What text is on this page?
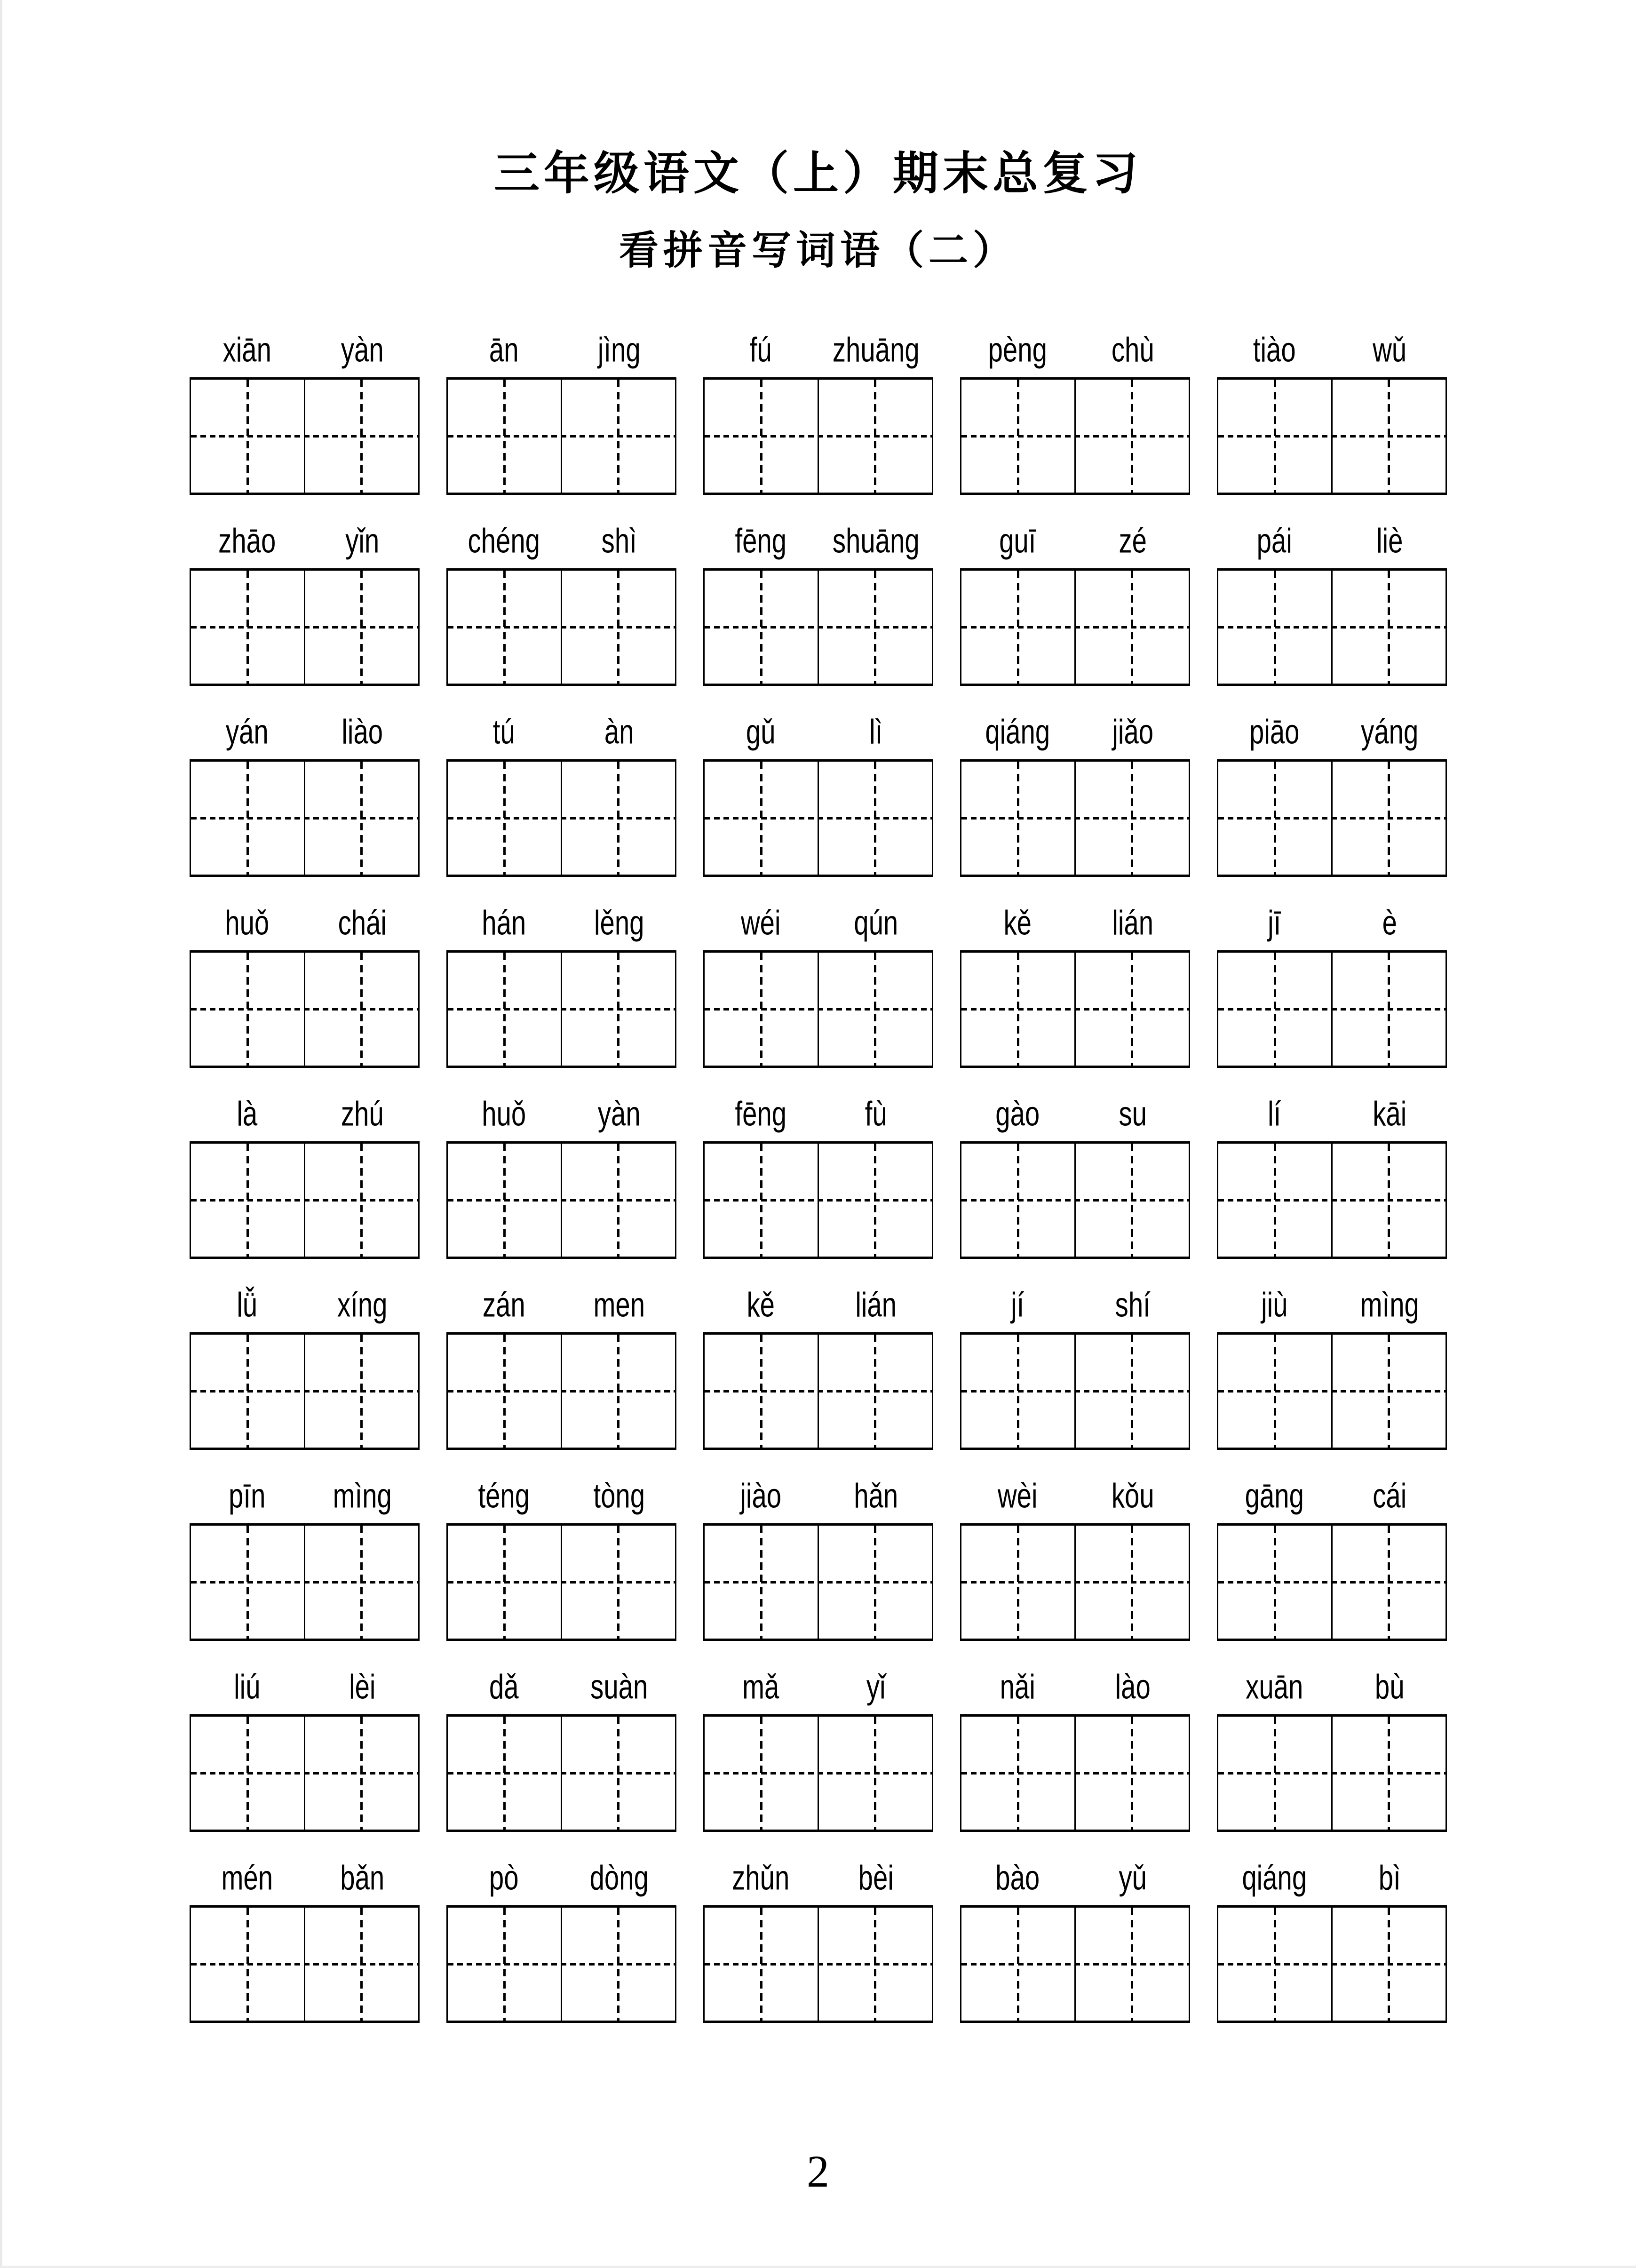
三年级语文（上）期末总复习
看拼音写词语（二）
xiān	yàn	ān	jìng	fú	zhuāng	pèng	chù	tiào	wǔ
zhāo	yǐn	chéng	shì	fēng	shuāng	guī	zé	pái	liè
yán	liào	tú	àn	gǔ	lì	qiáng	jiǎo	piāo	yáng
huǒ	chái	hán	lěng	wéi	qún	kě	lián	jī	è
là	zhú	huǒ	yàn	fēng	fù	gào	su	lí	kāi
lǚ	xíng	zán	men	kě	lián	jí	shí	jiù	mìng
pīn	mìng	téng	tòng	jiào	hǎn	wèi	kǒu	gāng	cái
liú	lèi	dǎ	suàn	mǎ	yǐ	nǎi	lào	xuān	bù
mén	bǎn	pò	dòng	zhǔn	bèi	bào	yǔ	qiáng	bì
2
